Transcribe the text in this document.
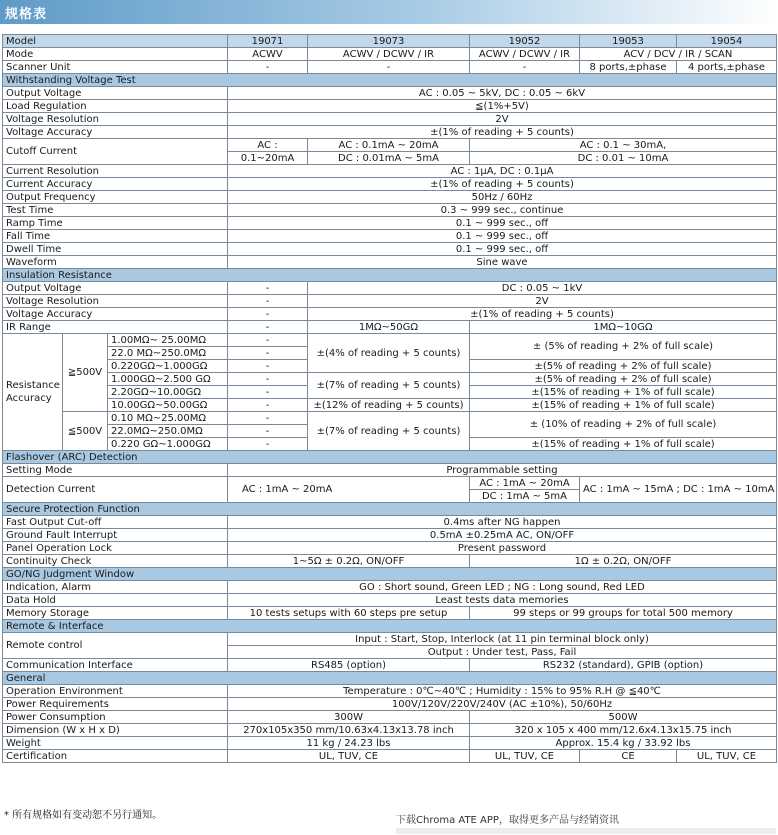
规格表
Model			19071	19073	19052	19053	19054
Mode			ACWV	ACWV / DCWV / IR	ACWV / DCWV / IR	ACV / DCV / IR / SCAN	
Scanner Unit			-	-	-	8 ports,±phase	4 ports,±phase
Withstanding Voltage Test							
Output Voltage			AC : 0.05 ~ 5kV, DC : 0.05 ~ 6kV				
Load Regulation			≦(1%+5V)				
Voltage Resolution			2V				
Voltage Accuracy			±(1% of reading + 5 counts)				
Cutoff Current			AC :	AC : 0.1mA ~ 20mA	AC : 0.1 ~ 30mA,		
			0.1~20mA	DC : 0.01mA ~ 5mA	DC : 0.01 ~ 10mA		
Current Resolution			AC : 1μA, DC : 0.1μA				
Current Accuracy			±(1% of reading + 5 counts)				
Output Frequency			50Hz / 60Hz				
Test Time			0.3 ~ 999 sec., continue				
Ramp Time			0.1 ~ 999 sec., off				
Fall Time			0.1 ~ 999 sec., off				
Dwell Time			0.1 ~ 999 sec., off				
Waveform			Sine wave				
Insulation Resistance							
Output Voltage			-	DC : 0.05 ~ 1kV			
Voltage Resolution			-	2V			
Voltage Accuracy			-	±(1% of reading + 5 counts)			
IR Range			-	1MΩ~50GΩ	1MΩ~10GΩ		
Resistance
Accuracy	≧500V	1.00MΩ~ 25.00MΩ	-	±(4% of reading + 5 counts)	± (5% of reading + 2% of full scale)		
		22.0 MΩ~250.0MΩ	-				
		0.220GΩ~1.000GΩ	-		±(5% of reading + 2% of full scale)		
		1.000GΩ~2.500 GΩ	-	±(7% of reading + 5 counts)	±(5% of reading + 2% of full scale)		
		2.20GΩ~10.00GΩ	-		±(15% of reading + 1% of full scale)		
		10.00GΩ~50.00GΩ	-	±(12% of reading + 5 counts)	±(15% of reading + 1% of full scale)		
	≦500V	0.10 MΩ~25.00MΩ	-	±(7% of reading + 5 counts)	± (10% of reading + 2% of full scale)		
		22.0MΩ~250.0MΩ	-				
		0.220 GΩ~1.000GΩ	-		±(15% of reading + 1% of full scale)		
Flashover (ARC) Detection							
Setting Mode			Programmable setting				
Detection Current			AC : 1mA ~ 20mA		AC : 1mA ~ 20mA	AC : 1mA ~ 15mA ; DC : 1mA ~ 10mA	
					DC : 1mA ~ 5mA		
Secure Protection Function							
Fast Output Cut-off			0.4ms after NG happen				
Ground Fault Interrupt			0.5mA ±0.25mA AC, ON/OFF				
Panel Operation Lock			Present password				
Continuity Check			1~5Ω ± 0.2Ω, ON/OFF		1Ω ± 0.2Ω, ON/OFF		
GO/NG Judgment Window							
Indication, Alarm			GO : Short sound, Green LED ; NG : Long sound, Red LED				
Data Hold			Least tests data memories				
Memory Storage			10 tests setups with 60 steps pre setup		99 steps or 99 groups for total 500 memory		
Remote & Interface							
Remote control			Input : Start, Stop, Interlock (at 11 pin terminal block only)				
			Output : Under test, Pass, Fail				
Communication Interface			RS485 (option)		RS232 (standard), GPIB (option)		
General							
Operation Environment			Temperature : 0℃~40℃ ; Humidity : 15% to 95% R.H @ ≦40℃				
Power Requirements			100V/120V/220V/240V (AC ±10%), 50/60Hz				
Power Consumption			300W		500W		
Dimension (W x H x D)			270x105x350 mm/10.63x4.13x13.78 inch		320 x 105 x 400 mm/12.6x4.13x15.75 inch		
Weight			11 kg / 24.23 lbs		Approx. 15.4 kg / 33.92 lbs		
Certification			UL, TUV, CE		UL, TUV, CE	CE	UL, TUV, CE
* 所有规格如有变动恕不另行通知。	下载Chroma ATE APP，取得更多产品与经销资讯
